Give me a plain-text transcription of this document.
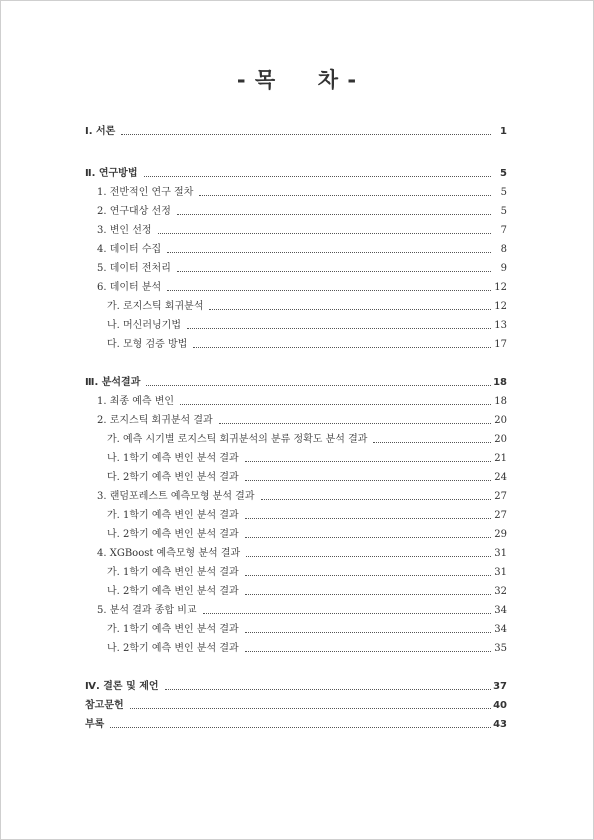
- 목     차 -
Ⅰ. 서론	1
Ⅱ. 연구방법	5
1. 전반적인 연구 절차	5
2. 연구대상 선정	5
3. 변인 선정	7
4. 데이터 수집	8
5. 데이터 전처리	9
6. 데이터 분석	12
가. 로지스틱 회귀분석	12
나. 머신러닝기법	13
다. 모형 검증 방법	17
Ⅲ. 분석결과	18
1. 최종 예측 변인	18
2. 로지스틱 회귀분석 결과	20
가. 예측 시기별 로지스틱 회귀분석의 분류 정확도 분석 결과	20
나. 1학기 예측 변인 분석 결과	21
다. 2학기 예측 변인 분석 결과	24
3. 랜덤포레스트 예측모형 분석 결과	27
가. 1학기 예측 변인 분석 결과	27
나. 2학기 예측 변인 분석 결과	29
4. XGBoost 예측모형 분석 결과	31
가. 1학기 예측 변인 분석 결과	31
나. 2학기 예측 변인 분석 결과	32
5. 분석 결과 종합 비교	34
가. 1학기 예측 변인 분석 결과	34
나. 2학기 예측 변인 분석 결과	35
Ⅳ. 결론 및 제언	37
참고문헌	40
부록	43
